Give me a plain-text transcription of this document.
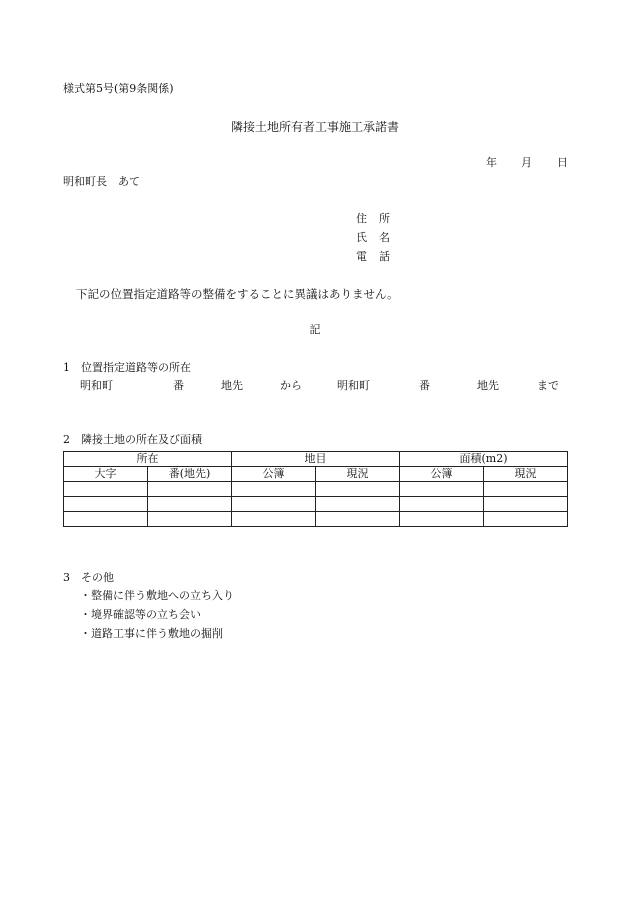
様式第5号(第9条関係)
隣接土地所有者工事施工承諾書
年 月 日
明和町長　あて
住 所
氏 名
電 話
下記の位置指定道路等の整備をすることに異議はありません。
記
1　位置指定道路等の所在
明和町	番	地先	から	明和町	番	地先	まで
2　隣接土地の所在及び面積
所在		地目		面積(m2)	
大字	番(地先)	公簿	現況	公簿	現況

3　その他
・整備に伴う敷地への立ち入り
・境界確認等の立ち会い
・道路工事に伴う敷地の掘削
